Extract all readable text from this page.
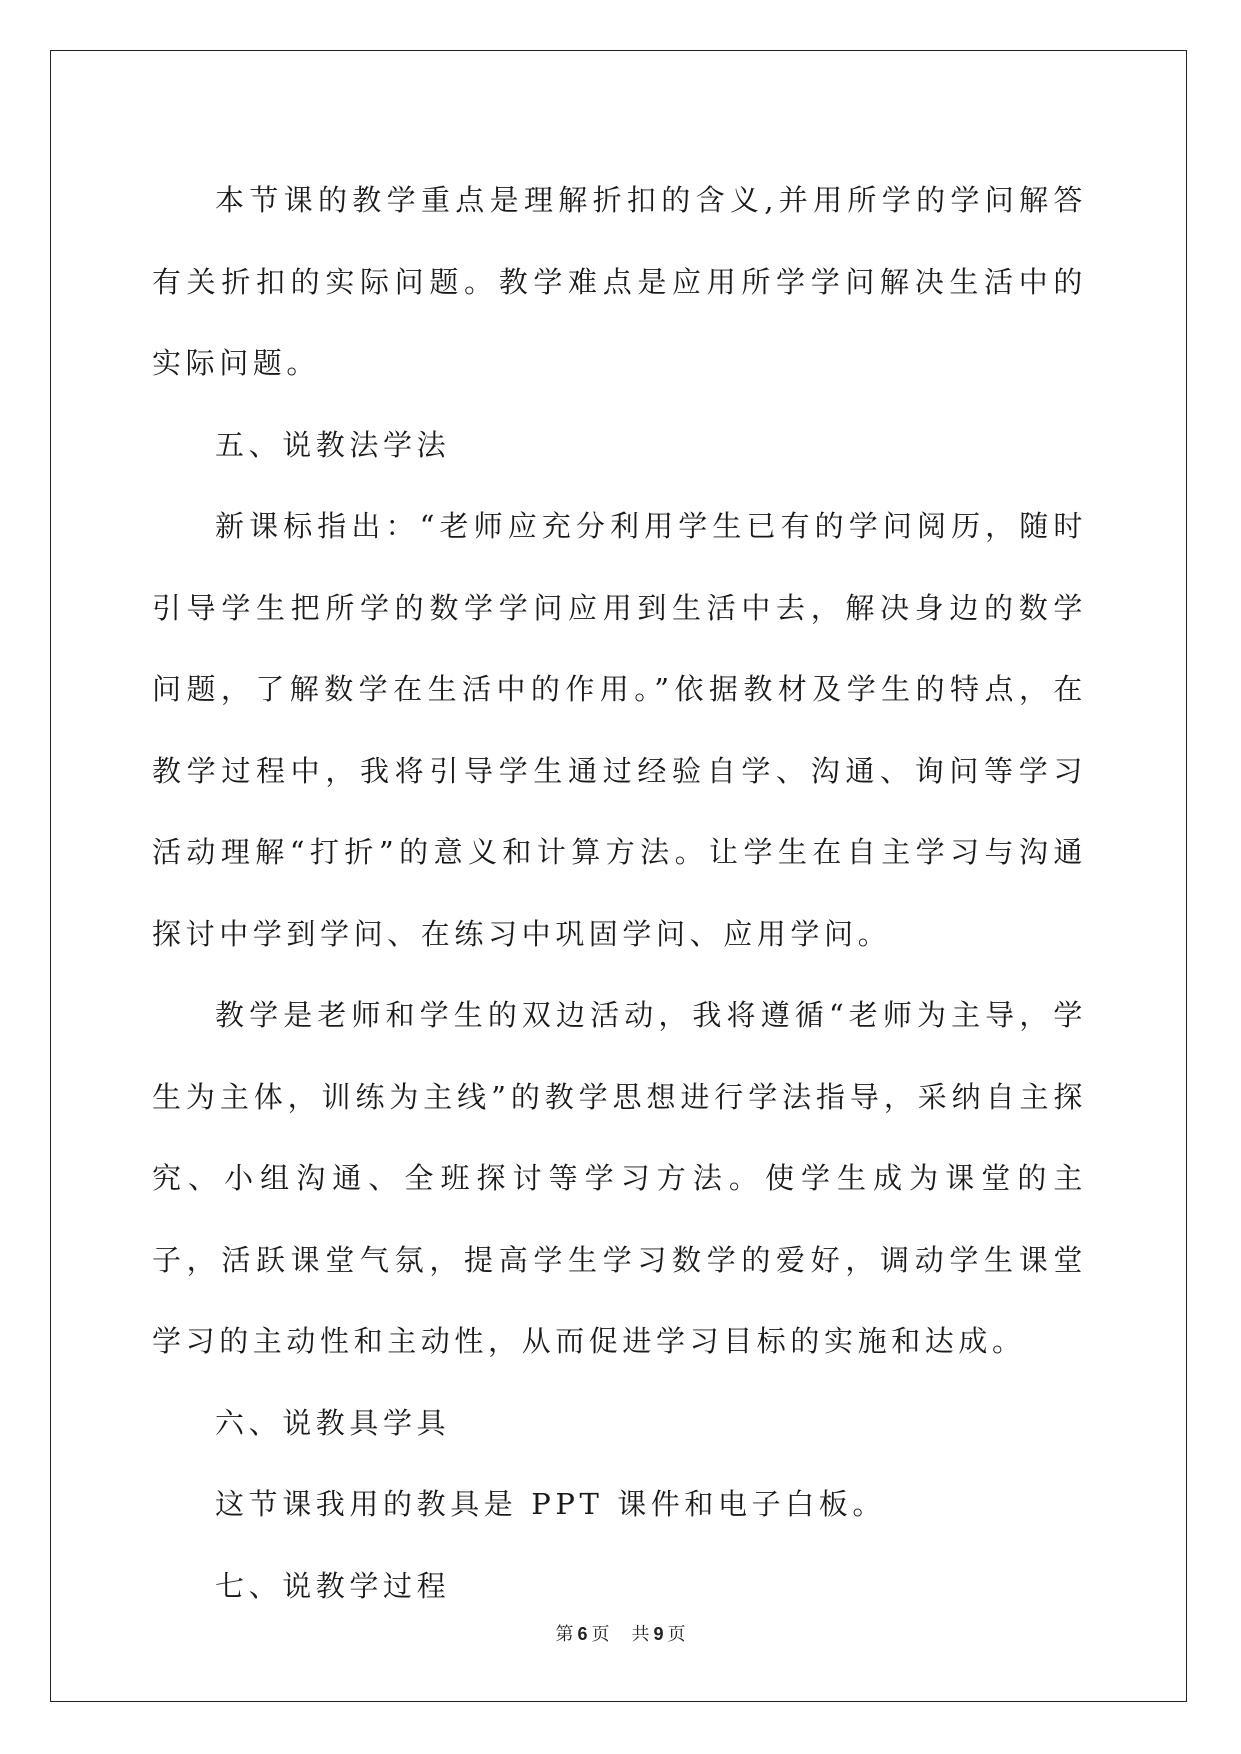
本节课的教学重点是理解折扣的含义,并用所学的学问解答有关折扣的实际问题。教学难点是应用所学学问解决生活中的实际问题。

五、说教法学法

新课标指出：“老师应充分利用学生已有的学问阅历，随时引导学生把所学的数学学问应用到生活中去，解决身边的数学问题，了解数学在生活中的作用。”依据教材及学生的特点，在教学过程中，我将引导学生通过经验自学、沟通、询问等学习活动理解“打折”的意义和计算方法。让学生在自主学习与沟通探讨中学到学问、在练习中巩固学问、应用学问。

教学是老师和学生的双边活动，我将遵循“老师为主导，学生为主体，训练为主线”的教学思想进行学法指导，采纳自主探究、小组沟通、全班探讨等学习方法。使学生成为课堂的主子，活跃课堂气氛，提高学生学习数学的爱好，调动学生课堂学习的主动性和主动性，从而促进学习目标的实施和达成。

六、说教具学具

这节课我用的教具是 PPT 课件和电子白板。

七、说教学过程

第 6 页 共 9 页
